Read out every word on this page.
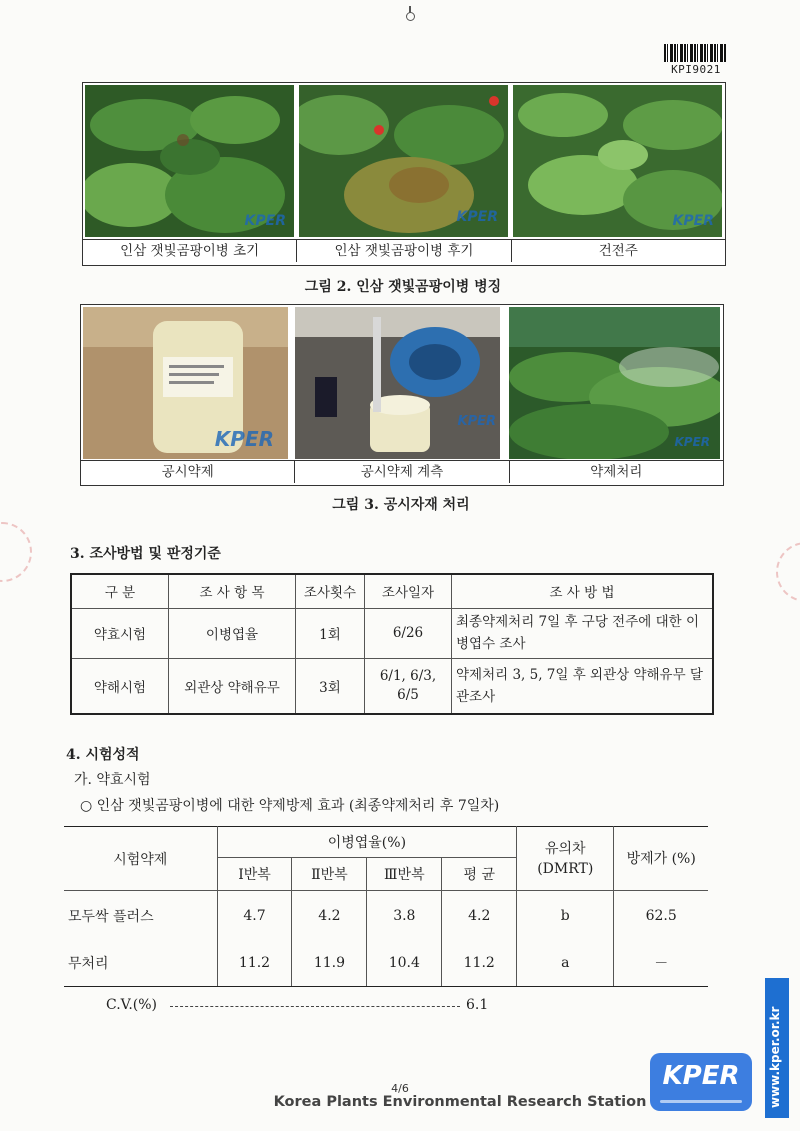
KPI9021
KPER	KPER	KPER
인삼 잿빛곰팡이병 초기	인삼 잿빛곰팡이병 후기	건전주
그림 2. 인삼 잿빛곰팡이병 병징
KPER
KPER
KPER
공시약제	공시약제 계측	약제처리
그림 3. 공시자재 처리
3. 조사방법 및 판정기준
구 분	조 사 항 목	조사횟수	조사일자	조 사 방 법
약효시험	이병엽율	1회	6/26	최종약제처리 7일 후 구당 전주에 대한 이병엽수 조사
약해시험	외관상 약해유무	3회	6/1, 6/3, 6/5	약제처리 3, 5, 7일 후 외관상 약해유무 달관조사
4. 시험성적
가. 약효시험
○ 인삼 잿빛곰팡이병에 대한 약제방제 효과 (최종약제처리 후 7일차)
시험약제	이병엽율(%)				유의차 (DMRT)	방제가 (%)
	Ⅰ반복	Ⅱ반복	Ⅲ반복	평 균		
모두싹 플러스	4.7	4.2	3.8	4.2	b	62.5
무처리	11.2	11.9	10.4	11.2	a	－
C.V.(%)	6.1
4/6
Korea Plants Environmental Research Station
KPER	www.kper.or.kr
